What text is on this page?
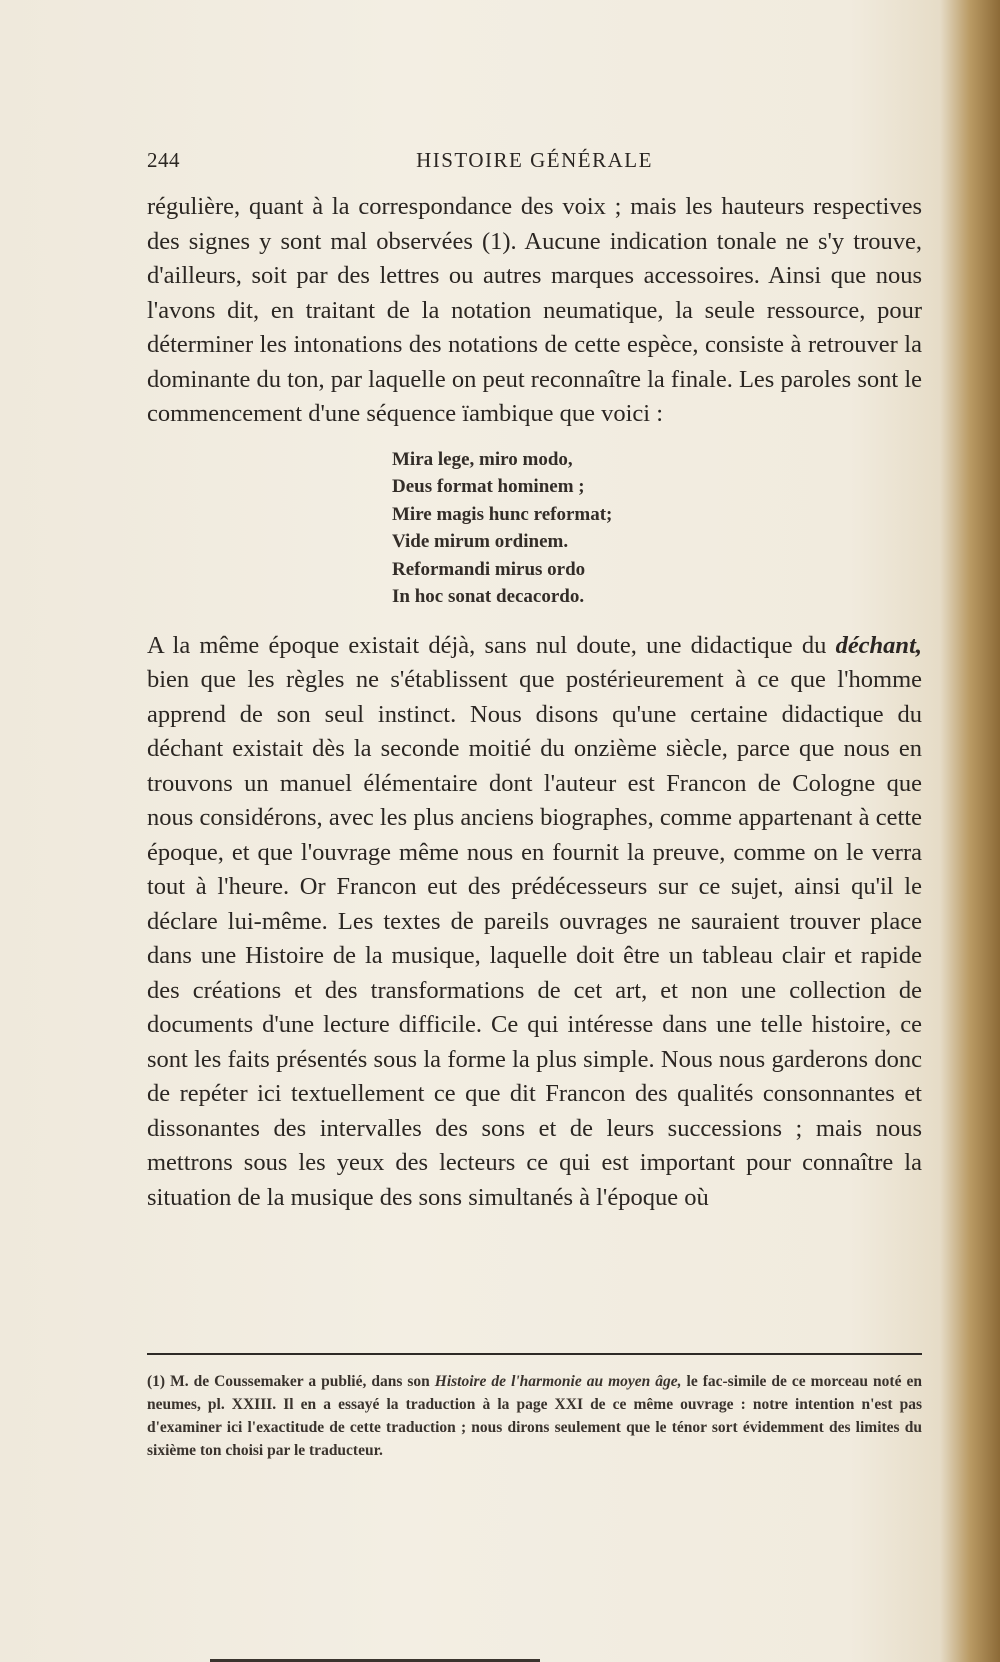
244	HISTOIRE GÉNÉRALE

régulière, quant à la correspondance des voix ; mais les hauteurs respectives des signes y sont mal observées (1). Aucune indication tonale ne s'y trouve, d'ailleurs, soit par des lettres ou autres marques accessoires. Ainsi que nous l'avons dit, en traitant de la notation neumatique, la seule ressource, pour déterminer les intonations des notations de cette espèce, consiste à retrouver la dominante du ton, par laquelle on peut reconnaître la finale. Les paroles sont le commencement d'une séquence ïambique que voici :

Mira lege, miro modo,
Deus format hominem ;
Mire magis hunc reformat;
Vide mirum ordinem.
Reformandi mirus ordo
In hoc sonat decacordo.

A la même époque existait déjà, sans nul doute, une didactique du déchant, bien que les règles ne s'établissent que postérieurement à ce que l'homme apprend de son seul instinct. Nous disons qu'une certaine didactique du déchant existait dès la seconde moitié du onzième siècle, parce que nous en trouvons un manuel élémentaire dont l'auteur est Francon de Cologne que nous considérons, avec les plus anciens biographes, comme appartenant à cette époque, et que l'ouvrage même nous en fournit la preuve, comme on le verra tout à l'heure. Or Francon eut des prédécesseurs sur ce sujet, ainsi qu'il le déclare lui-même. Les textes de pareils ouvrages ne sauraient trouver place dans une Histoire de la musique, laquelle doit être un tableau clair et rapide des créations et des transformations de cet art, et non une collection de documents d'une lecture difficile. Ce qui intéresse dans une telle histoire, ce sont les faits présentés sous la forme la plus simple. Nous nous garderons donc de repéter ici textuellement ce que dit Francon des qualités consonnantes et dissonantes des intervalles des sons et de leurs successions ; mais nous mettrons sous les yeux des lecteurs ce qui est important pour connaître la situation de la musique des sons simultanés à l'époque où

(1) M. de Coussemaker a publié, dans son Histoire de l'harmonie au moyen âge, le fac-simile de ce morceau noté en neumes, pl. XXIII. Il en a essayé la traduction à la page XXI de ce même ouvrage : notre intention n'est pas d'examiner ici l'exactitude de cette traduction ; nous dirons seulement que le ténor sort évidemment des limites du sixième ton choisi par le traducteur.
